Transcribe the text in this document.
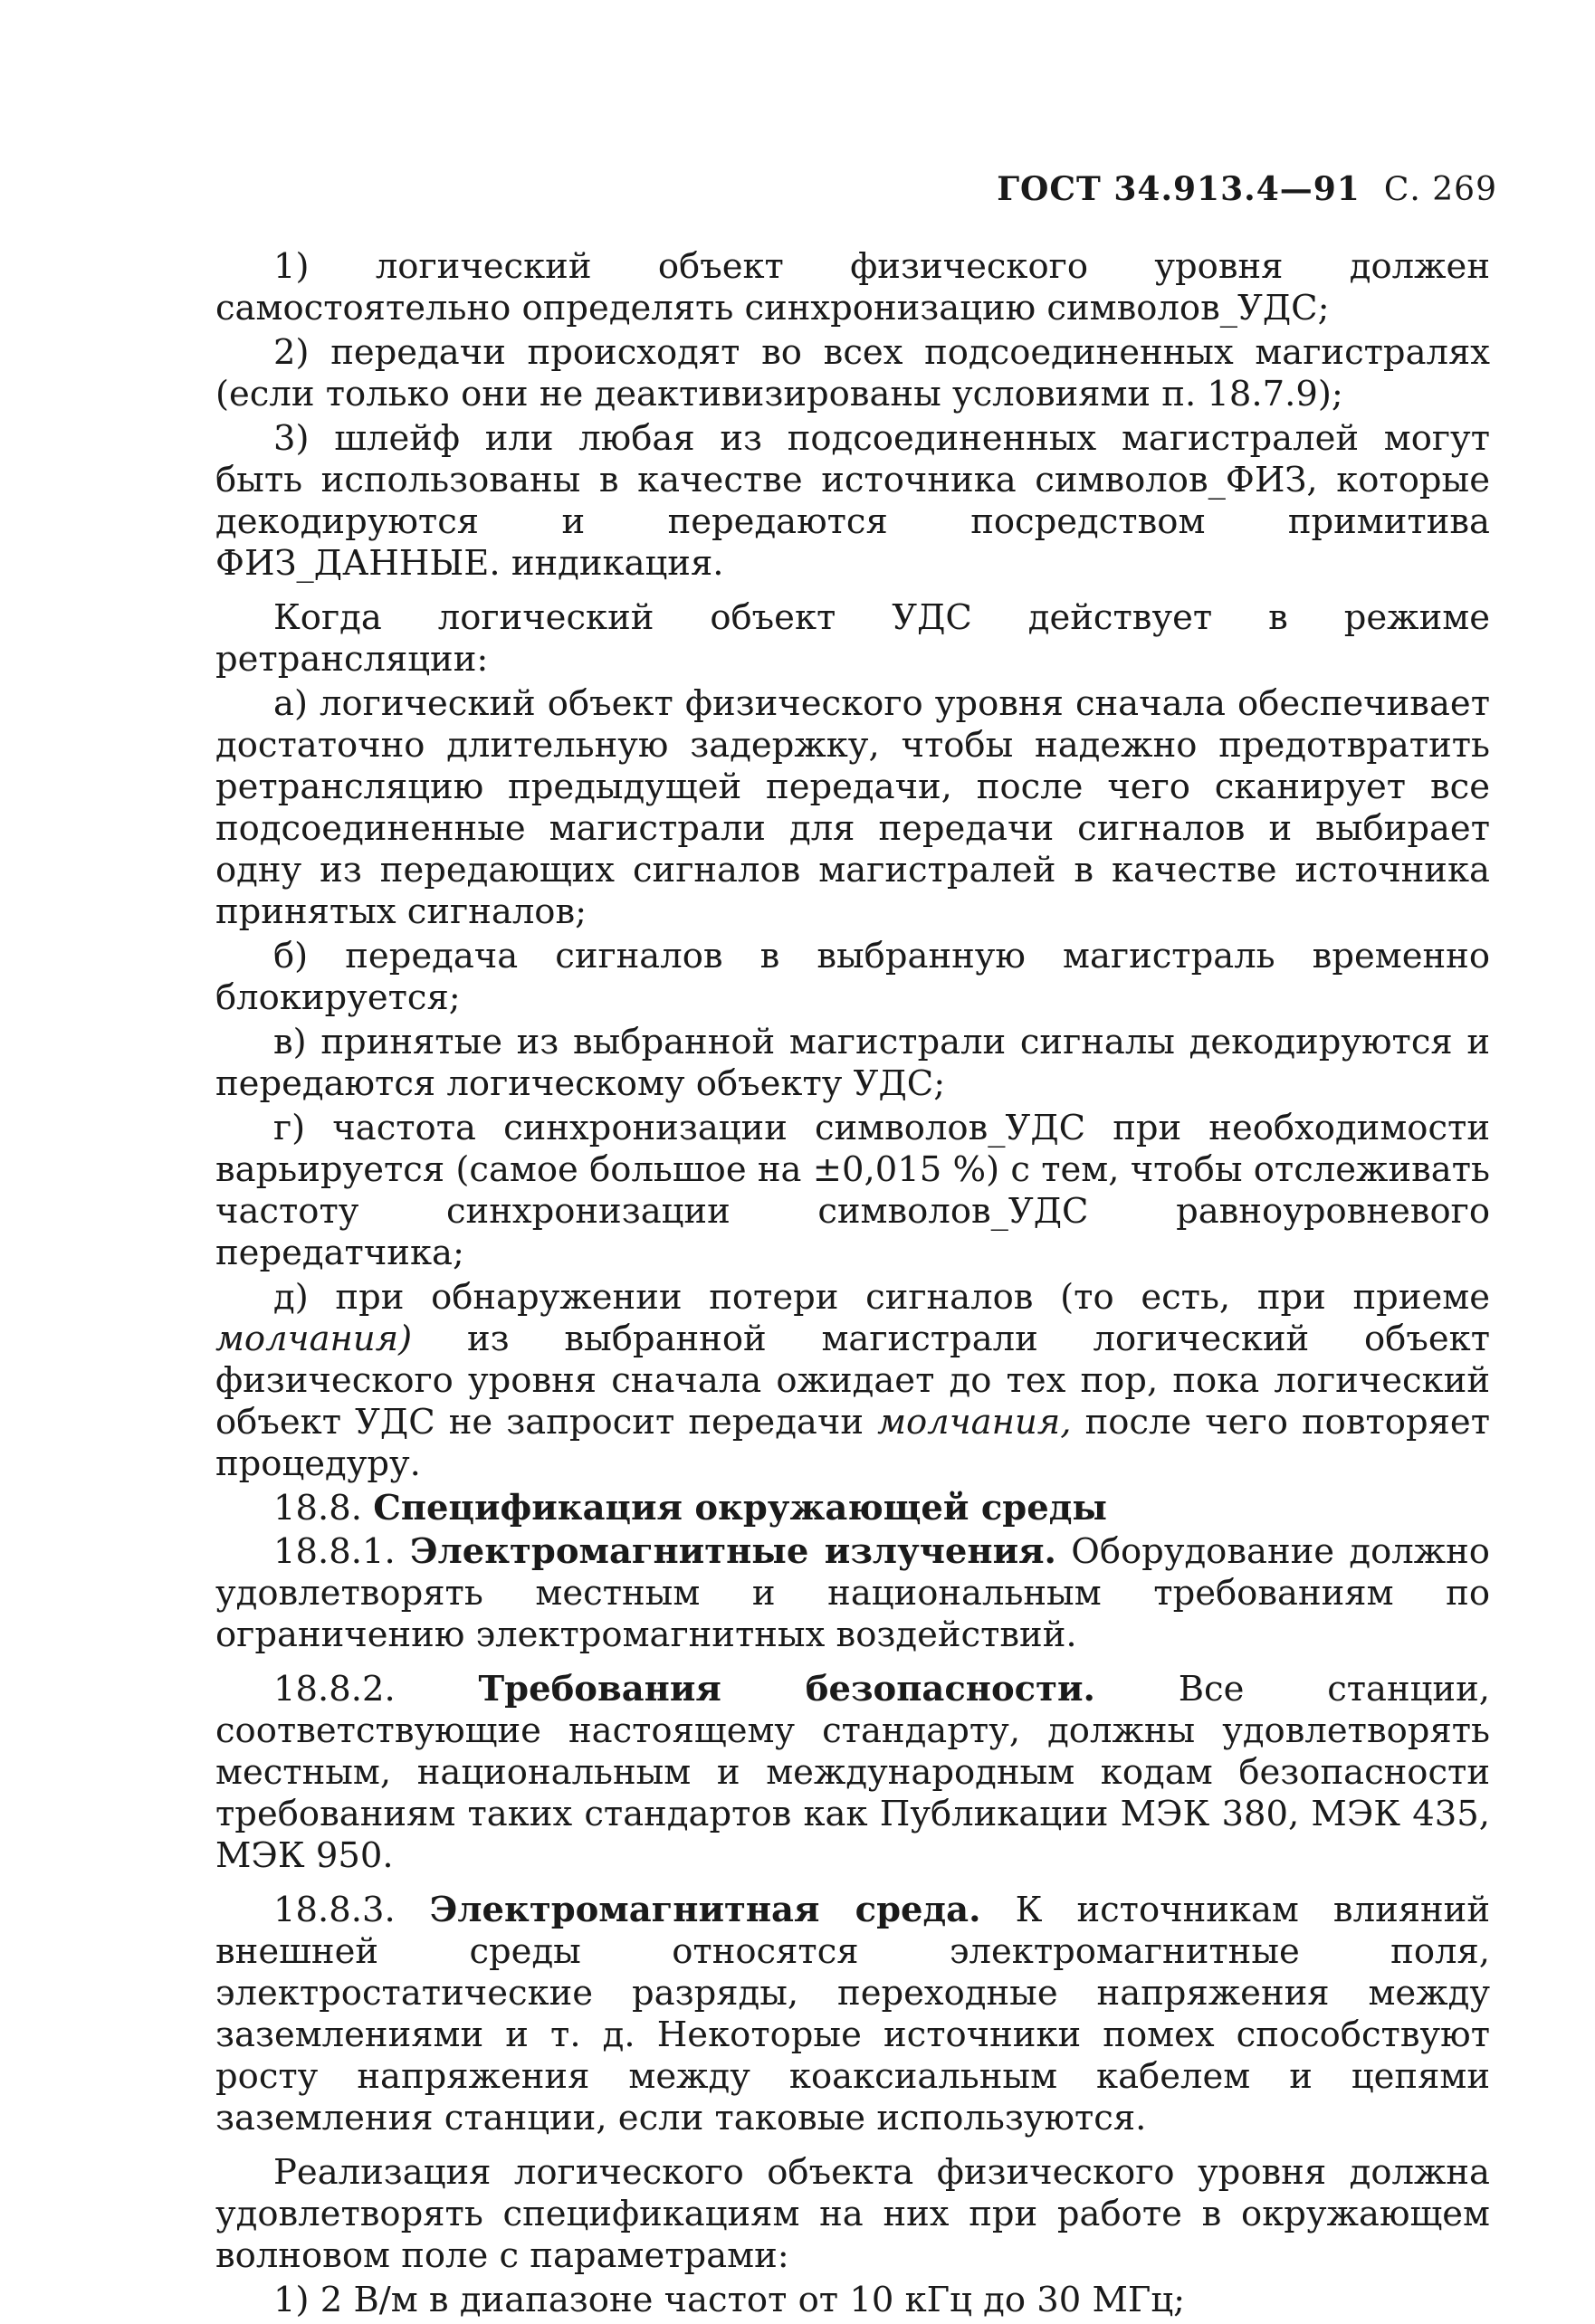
ГОСТ 34.913.4—91 С. 269

1) логический объект физического уровня должен самостоятельно определять синхронизацию символов_УДС;

2) передачи происходят во всех подсоединенных магистралях (если только они не деактивизированы условиями п. 18.7.9);

3) шлейф или любая из подсоединенных магистралей могут быть использованы в качестве источника символов_ФИЗ, которые декодируются и передаются посредством примитива ФИЗ_ДАННЫЕ. индикация.

Когда логический объект УДС действует в режиме ретрансляции:

а) логический объект физического уровня сначала обеспечивает достаточно длительную задержку, чтобы надежно предотвратить ретрансляцию предыдущей передачи, после чего сканирует все подсоединенные магистрали для передачи сигналов и выбирает одну из передающих сигналов магистралей в качестве источника принятых сигналов;

б) передача сигналов в выбранную магистраль временно блокируется;

в) принятые из выбранной магистрали сигналы декодируются и передаются логическому объекту УДС;

г) частота синхронизации символов_УДС при необходимости варьируется (самое большое на ±0,015 %) с тем, чтобы отслеживать частоту синхронизации символов_УДС равноуровневого передатчика;

д) при обнаружении потери сигналов (то есть, при приеме молчания) из выбранной магистрали логический объект физического уровня сначала ожидает до тех пор, пока логический объект УДС не запросит передачи молчания, после чего повторяет процедуру.

18.8. Спецификация окружающей среды

18.8.1. Электромагнитные излучения. Оборудование должно удовлетворять местным и национальным требованиям по ограничению электромагнитных воздействий.

18.8.2. Требования безопасности. Все станции, соответствующие настоящему стандарту, должны удовлетворять местным, национальным и международным кодам безопасности требованиям таких стандартов как Публикации МЭК 380, МЭК 435, МЭК 950.

18.8.3. Электромагнитная среда. К источникам влияний внешней среды относятся электромагнитные поля, электростатические разряды, переходные напряжения между заземлениями и т. д. Некоторые источники помех способствуют росту напряжения между коаксиальным кабелем и цепями заземления станции, если таковые используются.

Реализация логического объекта физического уровня должна удовлетворять спецификациям на них при работе в окружающем волновом поле с параметрами:

1) 2 В/м в диапазоне частот от 10 кГц до 30 МГц;
